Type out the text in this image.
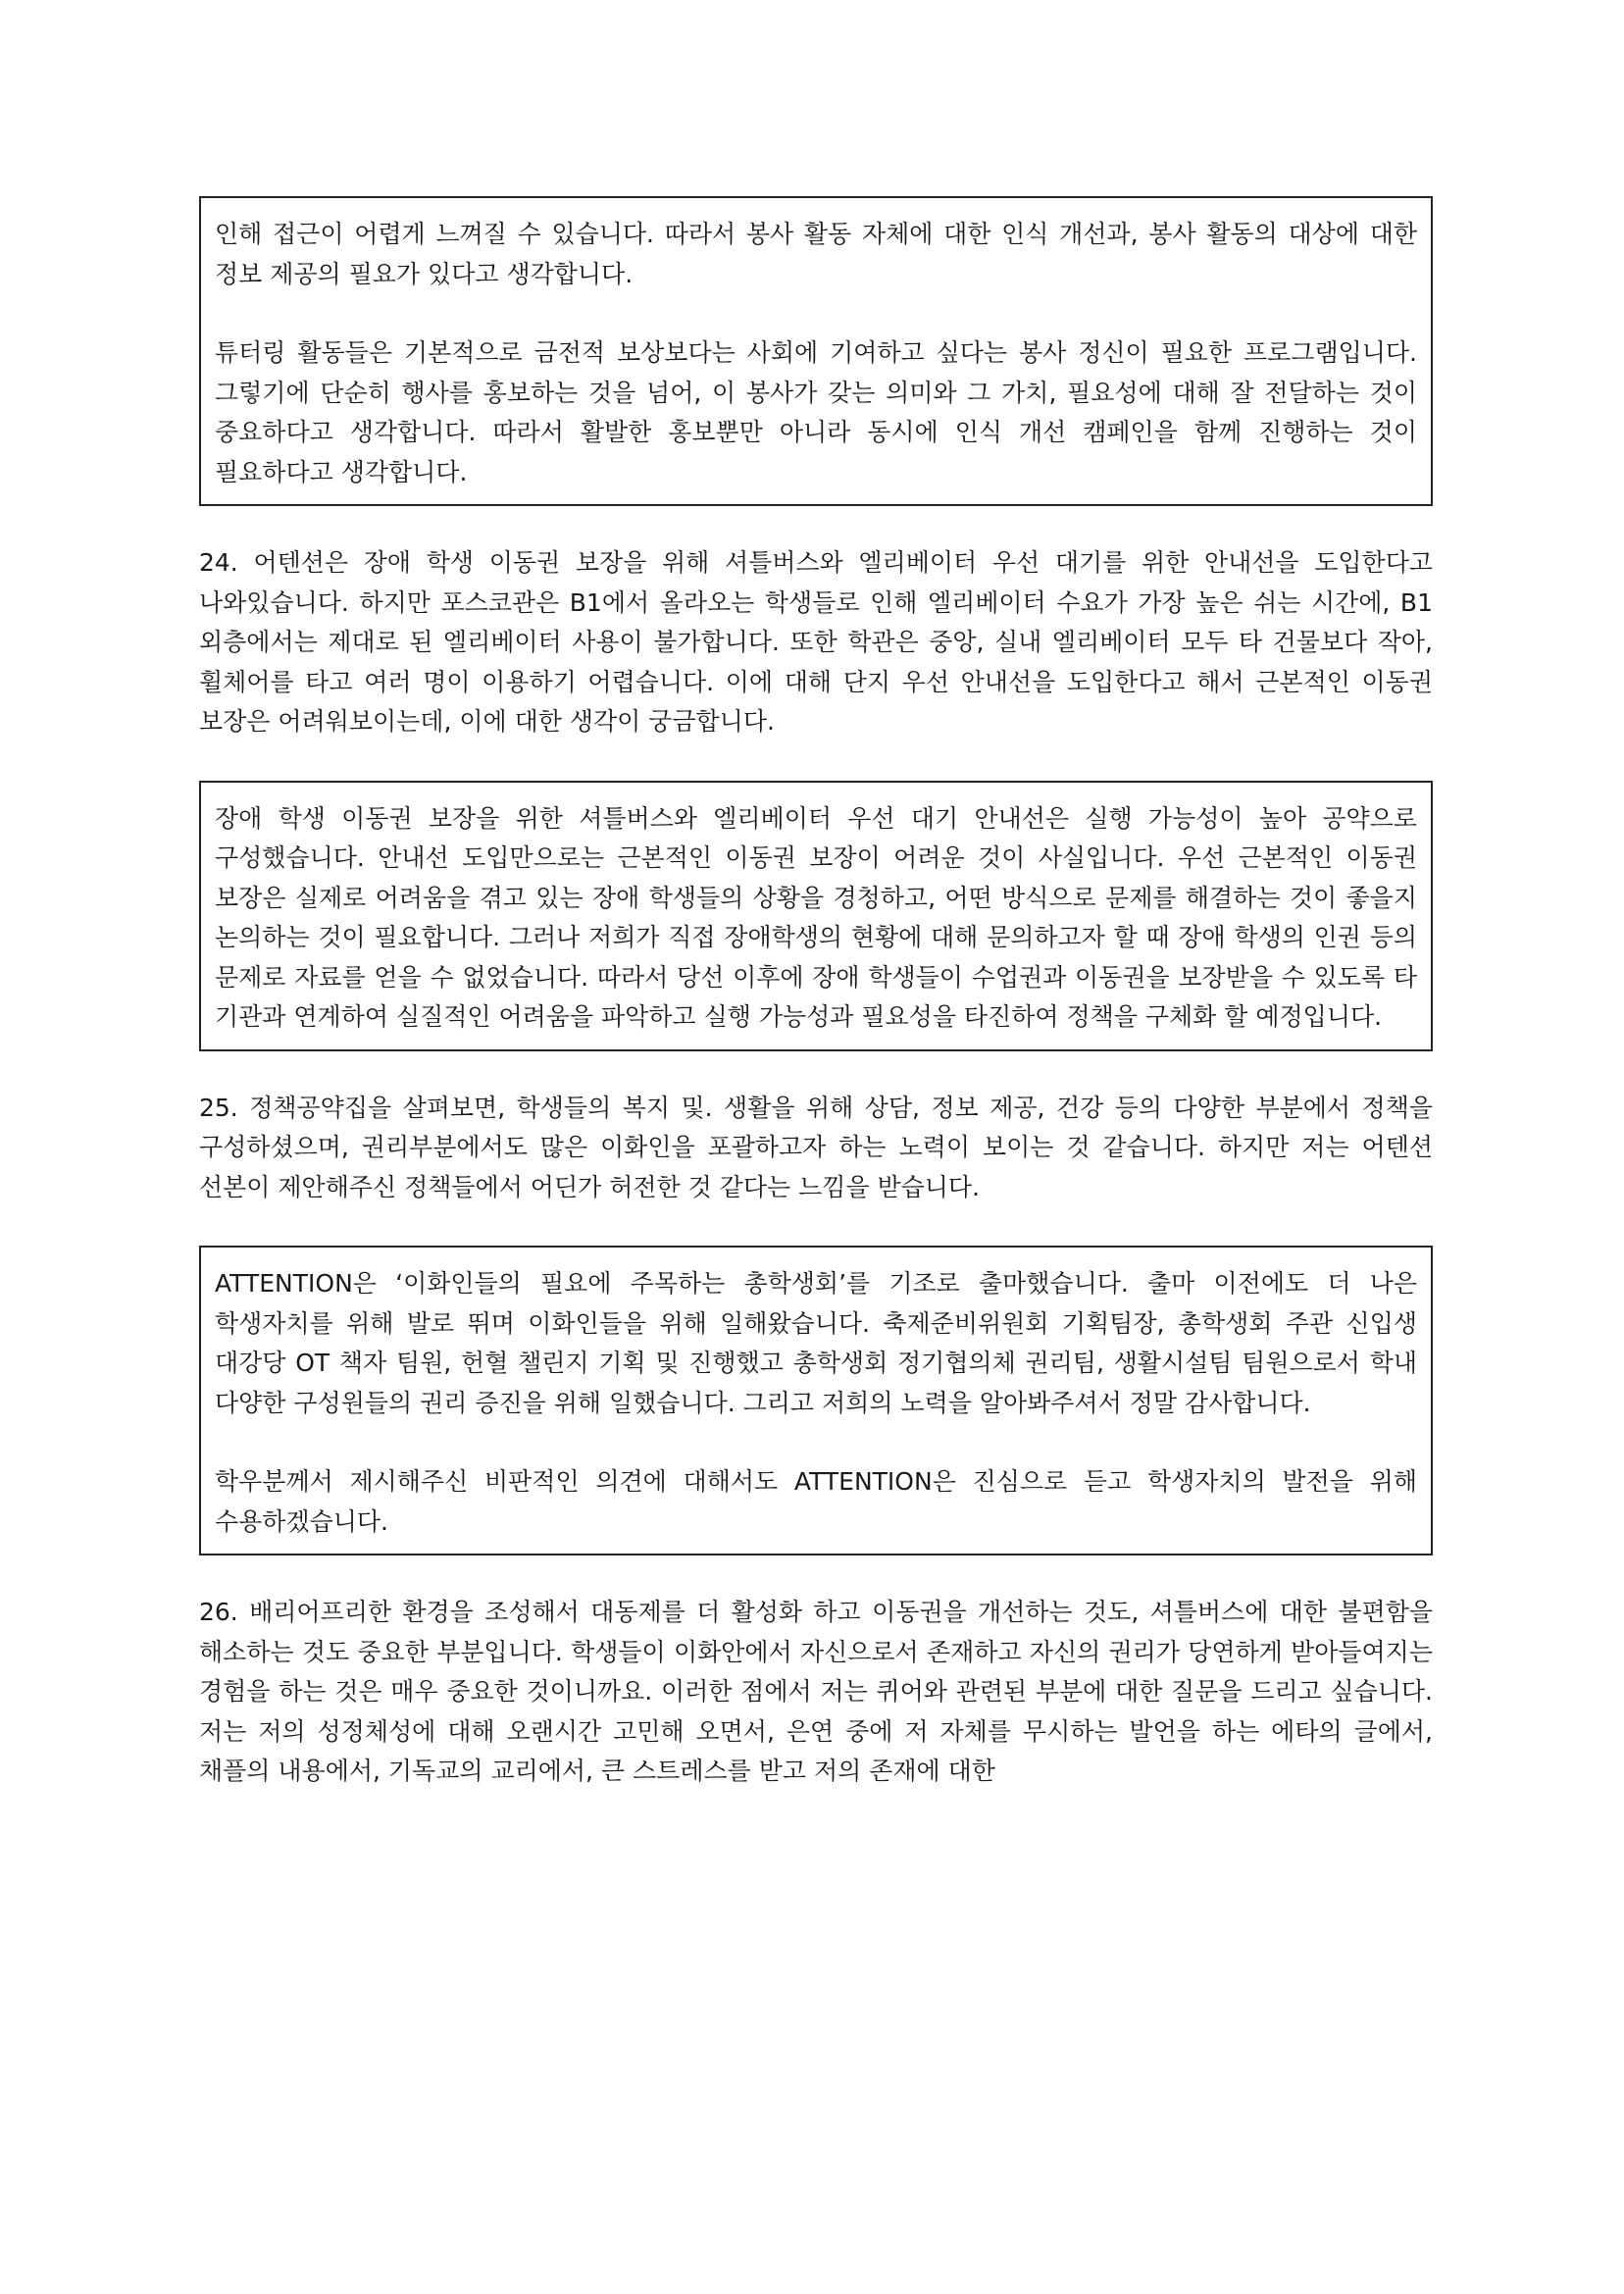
인해 접근이 어렵게 느껴질 수 있습니다. 따라서 봉사 활동 자체에 대한 인식 개선과, 봉사 활동의 대상에 대한 정보 제공의 필요가 있다고 생각합니다.

튜터링 활동들은 기본적으로 금전적 보상보다는 사회에 기여하고 싶다는 봉사 정신이 필요한 프로그램입니다. 그렇기에 단순히 행사를 홍보하는 것을 넘어, 이 봉사가 갖는 의미와 그 가치, 필요성에 대해 잘 전달하는 것이 중요하다고 생각합니다. 따라서 활발한 홍보뿐만 아니라 동시에 인식 개선 캠페인을 함께 진행하는 것이 필요하다고 생각합니다.

24. 어텐션은 장애 학생 이동권 보장을 위해 셔틀버스와 엘리베이터 우선 대기를 위한 안내선을 도입한다고 나와있습니다. 하지만 포스코관은 B1에서 올라오는 학생들로 인해 엘리베이터 수요가 가장 높은 쉬는 시간에, B1 외층에서는 제대로 된 엘리베이터 사용이 불가합니다. 또한 학관은 중앙, 실내 엘리베이터 모두 타 건물보다 작아, 휠체어를 타고 여러 명이 이용하기 어렵습니다. 이에 대해 단지 우선 안내선을 도입한다고 해서 근본적인 이동권 보장은 어려워보이는데, 이에 대한 생각이 궁금합니다.

장애 학생 이동권 보장을 위한 셔틀버스와 엘리베이터 우선 대기 안내선은 실행 가능성이 높아 공약으로 구성했습니다. 안내선 도입만으로는 근본적인 이동권 보장이 어려운 것이 사실입니다. 우선 근본적인 이동권 보장은 실제로 어려움을 겪고 있는 장애 학생들의 상황을 경청하고, 어떤 방식으로 문제를 해결하는 것이 좋을지 논의하는 것이 필요합니다. 그러나 저희가 직접 장애학생의 현황에 대해 문의하고자 할 때 장애 학생의 인권 등의 문제로 자료를 얻을 수 없었습니다. 따라서 당선 이후에 장애 학생들이 수업권과 이동권을 보장받을 수 있도록 타 기관과 연계하여 실질적인 어려움을 파악하고 실행 가능성과 필요성을 타진하여 정책을 구체화 할 예정입니다.

25. 정책공약집을 살펴보면, 학생들의 복지 및. 생활을 위해 상담, 정보 제공, 건강 등의 다양한 부분에서 정책을 구성하셨으며, 권리부분에서도 많은 이화인을 포괄하고자 하는 노력이 보이는 것 같습니다. 하지만 저는 어텐션 선본이 제안해주신 정책들에서 어딘가 허전한 것 같다는 느낌을 받습니다.

ATTENTION은 ‘이화인들의 필요에 주목하는 총학생회’를 기조로 출마했습니다. 출마 이전에도 더 나은 학생자치를 위해 발로 뛰며 이화인들을 위해 일해왔습니다. 축제준비위원회 기획팀장, 총학생회 주관 신입생 대강당 OT 책자 팀원, 헌혈 챌린지 기획 및 진행했고 총학생회 정기협의체 권리팀, 생활시설팀 팀원으로서 학내 다양한 구성원들의 권리 증진을 위해 일했습니다. 그리고 저희의 노력을 알아봐주셔서 정말 감사합니다.

학우분께서 제시해주신 비판적인 의견에 대해서도 ATTENTION은 진심으로 듣고 학생자치의 발전을 위해 수용하겠습니다.

26. 배리어프리한 환경을 조성해서 대동제를 더 활성화 하고 이동권을 개선하는 것도, 셔틀버스에 대한 불편함을 해소하는 것도 중요한 부분입니다. 학생들이 이화안에서 자신으로서 존재하고 자신의 권리가 당연하게 받아들여지는 경험을 하는 것은 매우 중요한 것이니까요. 이러한 점에서 저는 퀴어와 관련된 부분에 대한 질문을 드리고 싶습니다. 저는 저의 성정체성에 대해 오랜시간 고민해 오면서, 은연 중에 저 자체를 무시하는 발언을 하는 에타의 글에서, 채플의 내용에서, 기독교의 교리에서, 큰 스트레스를 받고 저의 존재에 대한
